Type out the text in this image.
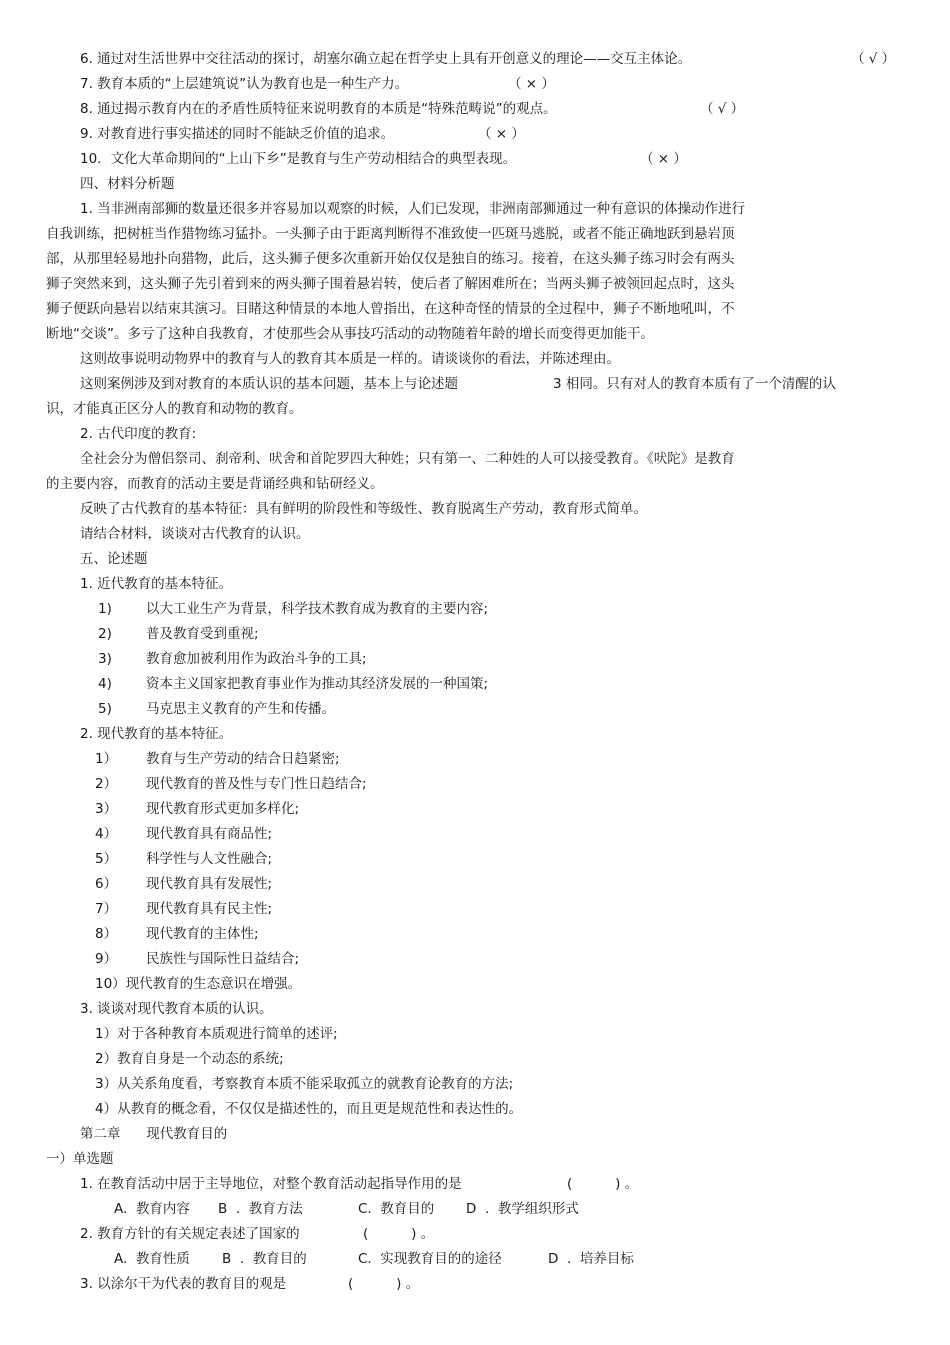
6. 通过对生活世界中交往活动的探讨，胡塞尔确立起在哲学史上具有开创意义的理论——交互主体论。	（ √ ）
7. 教育本质的“上层建筑说”认为教育也是一种生产力。	（ × ）
8. 通过揭示教育内在的矛盾性质特征来说明教育的本质是“特殊范畴说”的观点。	（ √ ）
9. 对教育进行事实描述的同时不能缺乏价值的追求。	（ × ）
10．文化大革命期间的“上山下乡”是教育与生产劳动相结合的典型表现。	（ × ）
四、材料分析题
1. 当非洲南部狮的数量还很多并容易加以观察的时候，人们已发现，非洲南部狮通过一种有意识的体操动作进行
自我训练，把树桩当作猎物练习猛扑。一头狮子由于距离判断得不准致使一匹斑马逃脱，或者不能正确地跃到悬岩顶
部，从那里轻易地扑向猎物，此后，这头狮子便多次重新开始仅仅是独自的练习。接着，在这头狮子练习时会有两头
狮子突然来到，这头狮子先引着到来的两头狮子围着悬岩转，使后者了解困难所在；当两头狮子被领回起点时，这头
狮子便跃向悬岩以结束其演习。目睹这种情景的本地人曾指出，在这种奇怪的情景的全过程中，狮子不断地吼叫，不
断地“交谈”。多亏了这种自我教育，才使那些会从事技巧活动的动物随着年龄的增长而变得更加能干。
这则故事说明动物界中的教育与人的教育其本质是一样的。请谈谈你的看法，并陈述理由。
这则案例涉及到对教育的本质认识的基本问题，基本上与论述题	3 相同。只有对人的教育本质有了一个清醒的认
识，才能真正区分人的教育和动物的教育。
2. 古代印度的教育:
全社会分为僧侣祭司、刹帝利、吠舍和首陀罗四大种姓；只有第一、二种姓的人可以接受教育。《吠陀》是教育
的主要内容，而教育的活动主要是背诵经典和钻研经义。
反映了古代教育的基本特征：具有鲜明的阶段性和等级性、教育脱离生产劳动，教育形式简单。
请结合材料，谈谈对古代教育的认识。
五、论述题
1. 近代教育的基本特征。
1)	以大工业生产为背景，科学技术教育成为教育的主要内容;
2)	普及教育受到重视;
3)	教育愈加被利用作为政治斗争的工具;
4)	资本主义国家把教育事业作为推动其经济发展的一种国策;
5)	马克思主义教育的产生和传播。
2. 现代教育的基本特征。
1） 教育与生产劳动的结合日趋紧密;
2） 现代教育的普及性与专门性日趋结合;
3） 现代教育形式更加多样化;
4） 现代教育具有商品性;
5） 科学性与人文性融合;
6） 现代教育具有发展性;
7） 现代教育具有民主性;
8） 现代教育的主体性;
9） 民族性与国际性日益结合;
10）现代教育的生态意识在增强。
3. 谈谈对现代教育本质的认识。
1）对于各种教育本质观进行简单的述评;
2）教育自身是一个动态的系统;
3）从关系角度看，考察教育本质不能采取孤立的就教育论教育的方法;
4）从教育的概念看，不仅仅是描述性的，而且更是规范性和表达性的。
第二章      现代教育目的
一）单选题
1. 在教育活动中居于主导地位，对整个教育活动起指导作用的是	(          ) 。
A.  教育内容 B  .  教育方法	C.  教育目的 D  .  教学组织形式
2. 教育方针的有关规定表述了国家的	(          ) 。
A.  教育性质 B  .  教育目的	C.  实现教育目的的途径	D  .  培养目标
3. 以涂尔干为代表的教育目的观是	(          ) 。
